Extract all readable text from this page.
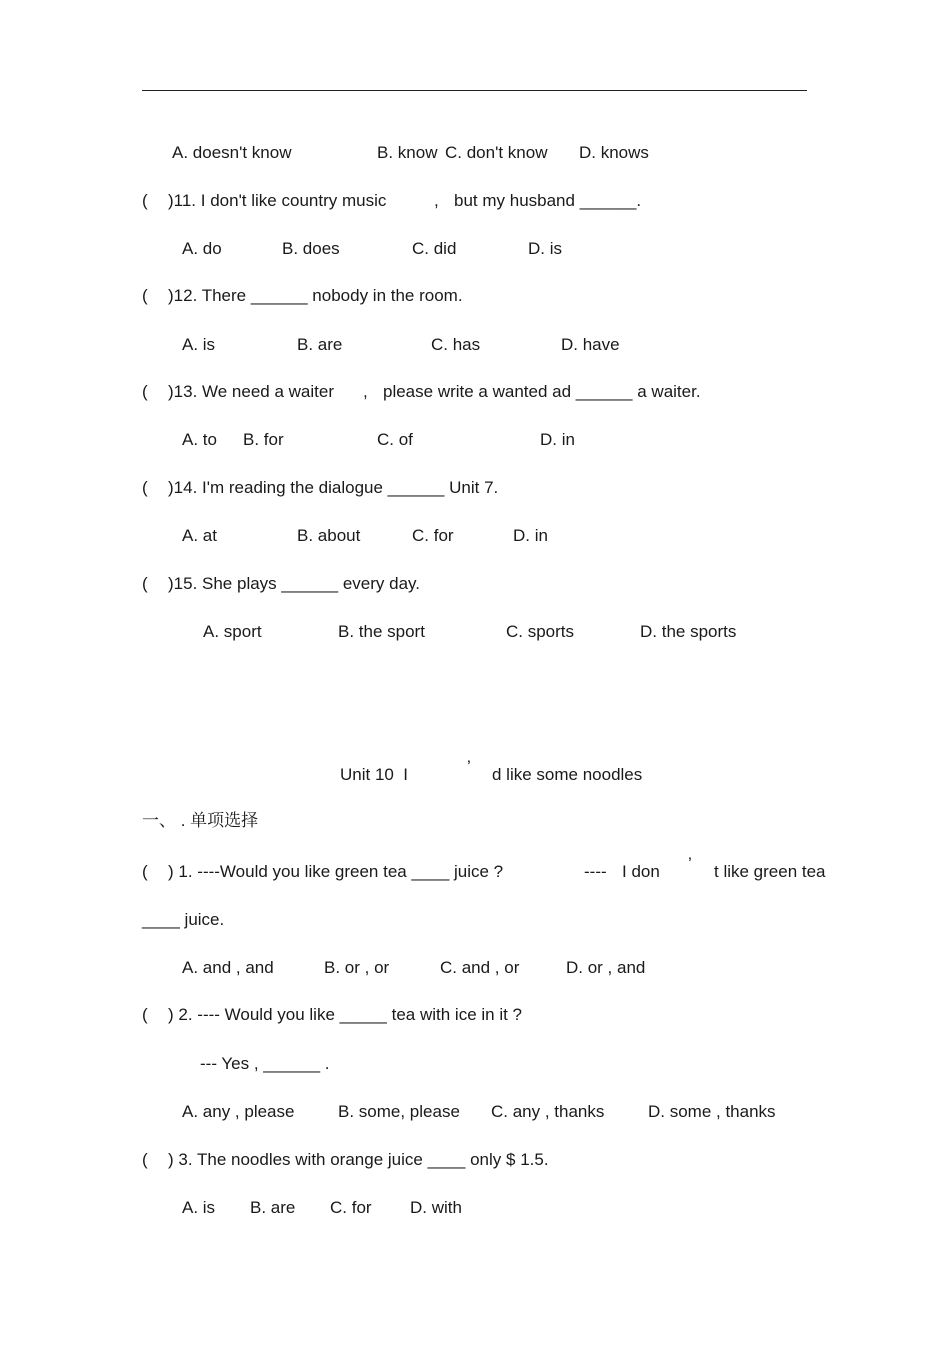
A. doesn't know	B. know C. don't know D. knows
( )11. I don't like country music	, but my husband ______.
A. do	B. does	C. did	D. is
( )12. There ______ nobody in the room.
A. is	B. are	C. has	D. have
( )13. We need a waiter , please write a wanted ad ______ a waiter.
A. to B. for	C. of	D. in
( )14. I'm reading the dialogue ______ Unit 7.
A. at	B. about	C. for	D. in
( )15. She plays ______ every day.
A. sport	B. the sport	C. sports	D. the sports
Unit 10  I	’ d like some noodles
一、 . 单项选择
( ) 1. ----Would you like green tea ____ juice ?	---- I don ’ t like green tea
____ juice.
A. and , and	B. or , or	C. and , or	D. or , and
( ) 2. ---- Would you like _____ tea with ice in it ?
--- Yes , ______ .
A. any , please	B. some, please C. any , thanks	D. some , thanks
( ) 3. The noodles with orange juice ____ only $ 1.5.
A. is B. are C. for D. with
